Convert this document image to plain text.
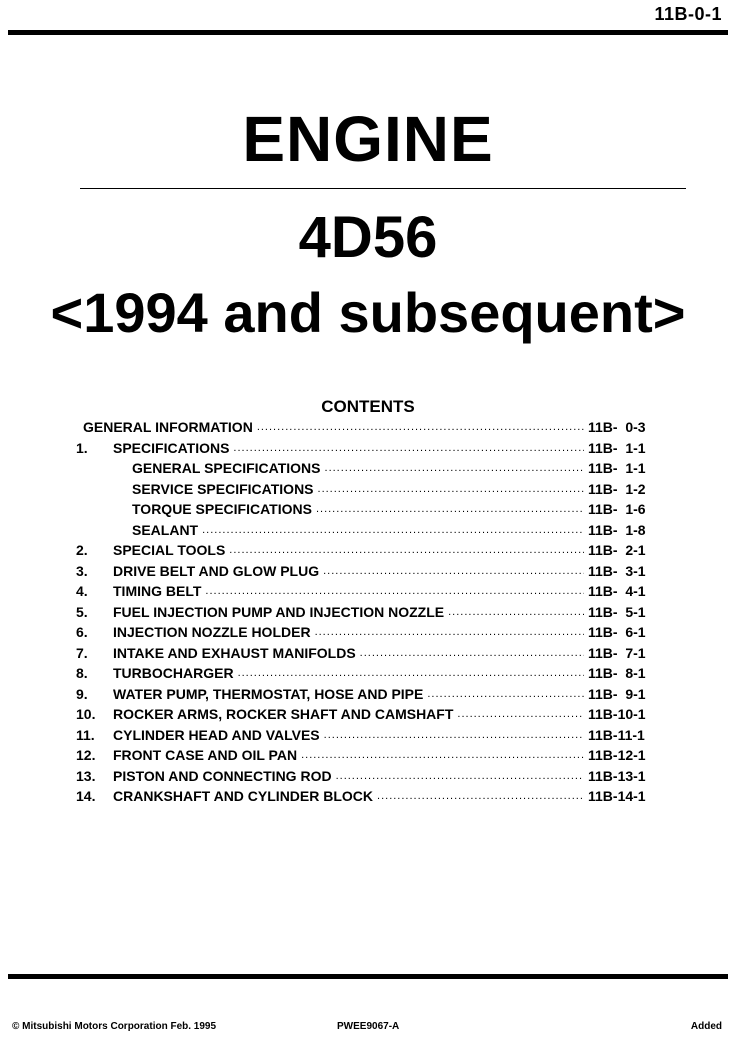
11B-0-1
ENGINE
4D56
<1994 and subsequent>
CONTENTS
GENERAL INFORMATION .....	11B-  0-3
1.	SPECIFICATIONS .....	11B-  1-1
GENERAL SPECIFICATIONS .....	11B-  1-1
SERVICE SPECIFICATIONS .....	11B-  1-2
TORQUE SPECIFICATIONS .....	11B-  1-6
SEALANT .....	11B-  1-8
2.	SPECIAL TOOLS .....	11B-  2-1
3.	DRIVE BELT AND GLOW PLUG .....	11B-  3-1
4.	TIMING BELT .....	11B-  4-1
5.	FUEL INJECTION PUMP AND INJECTION NOZZLE .....	11B-  5-1
6.	INJECTION NOZZLE HOLDER .....	11B-  6-1
7.	INTAKE AND EXHAUST MANIFOLDS .....	11B-  7-1
8.	TURBOCHARGER .....	11B-  8-1
9.	WATER PUMP, THERMOSTAT, HOSE AND PIPE .....	11B-  9-1
10.	ROCKER ARMS, ROCKER SHAFT AND CAMSHAFT .....	11B-10-1
11.	CYLINDER HEAD AND VALVES .....	11B-11-1
12.	FRONT CASE AND OIL PAN .....	11B-12-1
13.	PISTON AND CONNECTING ROD .....	11B-13-1
14.	CRANKSHAFT AND CYLINDER BLOCK .....	11B-14-1
© Mitsubishi Motors Corporation Feb. 1995	PWEE9067-A	Added
